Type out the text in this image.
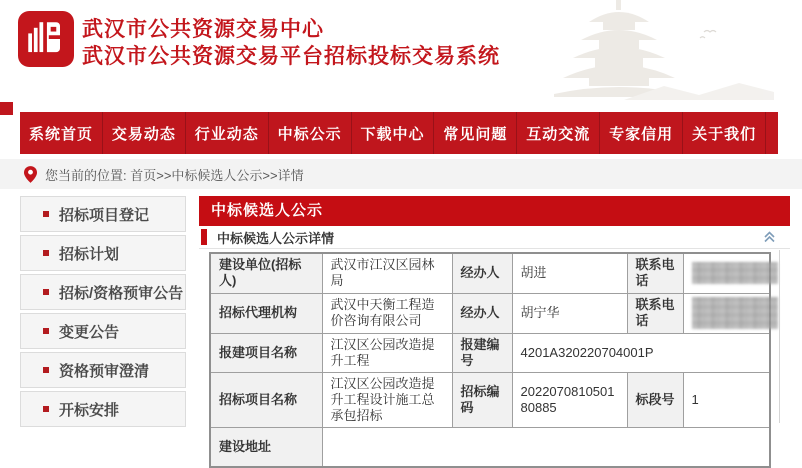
武汉市公共资源交易中心
武汉市公共资源交易平台招标投标交易系统
系统首页	交易动态	行业动态	中标公示	下载中心	常见问题	互动交流	专家信用	关于我们
您当前的位置: 首页>>中标候选人公示>>详情
招标项目登记
招标计划
招标/资格预审公告
变更公告
资格预审澄清
开标安排
中标候选人公示
中标候选人公示详情
建设单位(招标人)	武汉市江汉区园林局	经办人	胡进	联系电话	

招标代理机构	武汉中天衡工程造价咨询有限公司	经办人	胡宁华	联系电话	

报建项目名称	江汉区公园改造提升工程	报建编号	4201A320220704001P		
招标项目名称	江汉区公园改造提升工程设计施工总承包招标	招标编码	202207081050180885	标段号	1
建设地址					
